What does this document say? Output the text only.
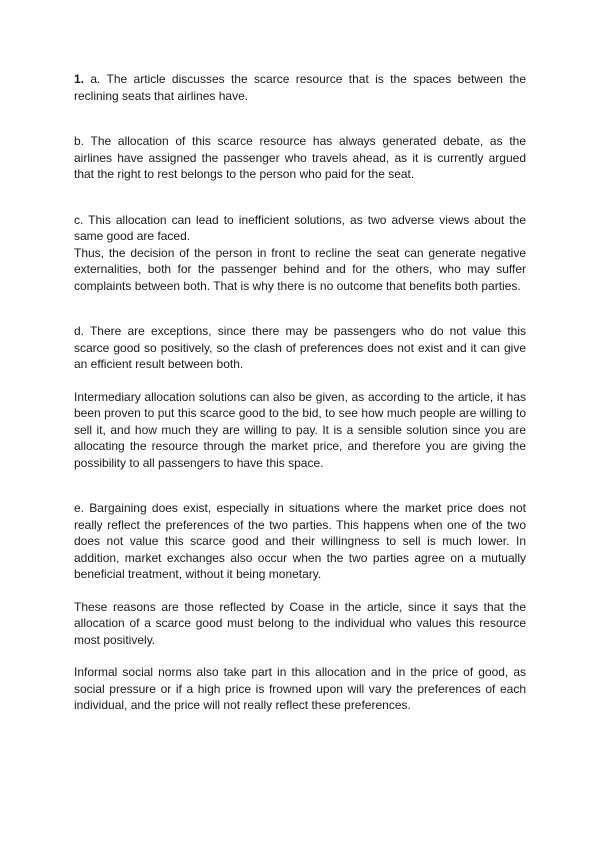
1. a. The article discusses the scarce resource that is the spaces between the reclining seats that airlines have.

b. The allocation of this scarce resource has always generated debate, as the airlines have assigned the passenger who travels ahead, as it is currently argued that the right to rest belongs to the person who paid for the seat.

c. This allocation can lead to inefficient solutions, as two adverse views about the same good are faced.

Thus, the decision of the person in front to recline the seat can generate negative externalities, both for the passenger behind and for the others, who may suffer complaints between both. That is why there is no outcome that benefits both parties.

d. There are exceptions, since there may be passengers who do not value this scarce good so positively, so the clash of preferences does not exist and it can give an efficient result between both.

Intermediary allocation solutions can also be given, as according to the article, it has been proven to put this scarce good to the bid, to see how much people are willing to sell it, and how much they are willing to pay. It is a sensible solution since you are allocating the resource through the market price, and therefore you are giving the possibility to all passengers to have this space.

e. Bargaining does exist, especially in situations where the market price does not really reflect the preferences of the two parties. This happens when one of the two does not value this scarce good and their willingness to sell is much lower. In addition, market exchanges also occur when the two parties agree on a mutually beneficial treatment, without it being monetary.

These reasons are those reflected by Coase in the article, since it says that the allocation of a scarce good must belong to the individual who values this resource most positively.

Informal social norms also take part in this allocation and in the price of good, as social pressure or if a high price is frowned upon will vary the preferences of each individual, and the price will not really reflect these preferences.
